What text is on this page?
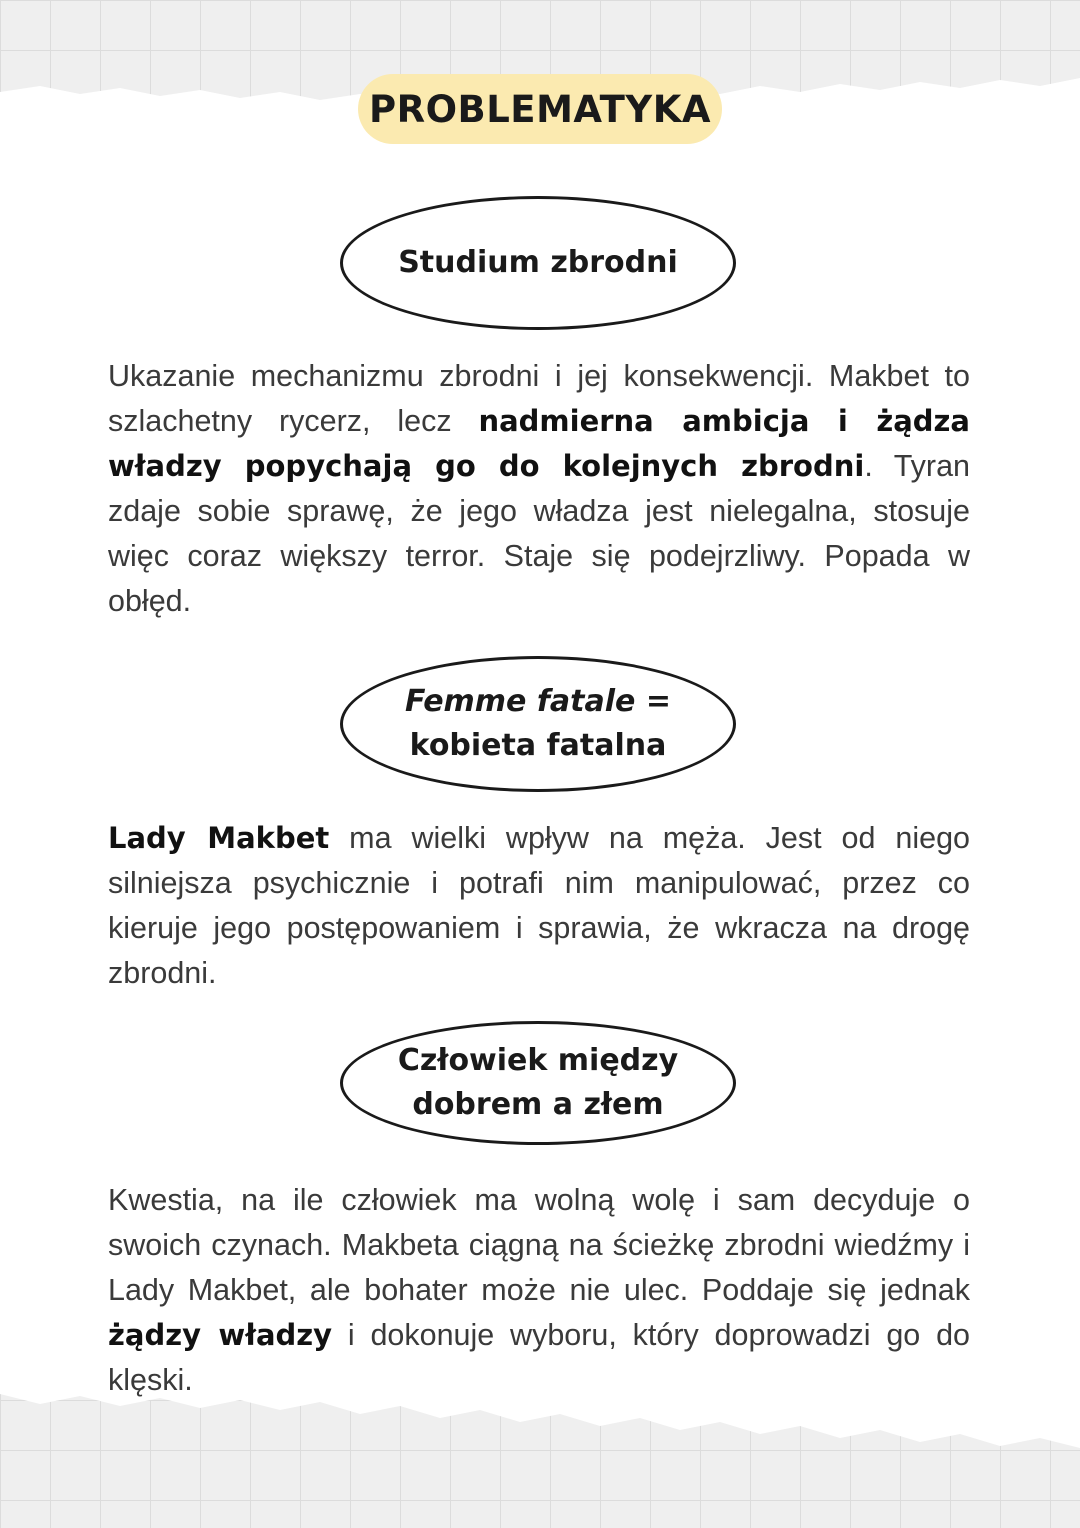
PROBLEMATYKA
Studium zbrodni

Ukazanie mechanizmu zbrodni i jej konsekwencji. Makbet to szlachetny rycerz, lecz nadmierna ambicja i żądza władzy popychają go do kolejnych zbrodni. Tyran zdaje sobie sprawę, że jego władza jest nielegalna, stosuje więc coraz większy terror. Staje się podejrzliwy. Popada w obłęd.

Femme fatale =
kobieta fatalna

Lady Makbet ma wielki wpływ na męża. Jest od niego silniejsza psychicznie i potrafi nim manipulować, przez co kieruje jego postępowaniem i sprawia, że wkracza na drogę zbrodni.

Człowiek między
dobrem a złem

Kwestia, na ile człowiek ma wolną wolę i sam decyduje o swoich czynach. Makbeta ciągną na ścieżkę zbrodni wiedźmy i Lady Makbet, ale bohater może nie ulec. Poddaje się jednak żądzy władzy i dokonuje wyboru, który doprowadzi go do klęski.
